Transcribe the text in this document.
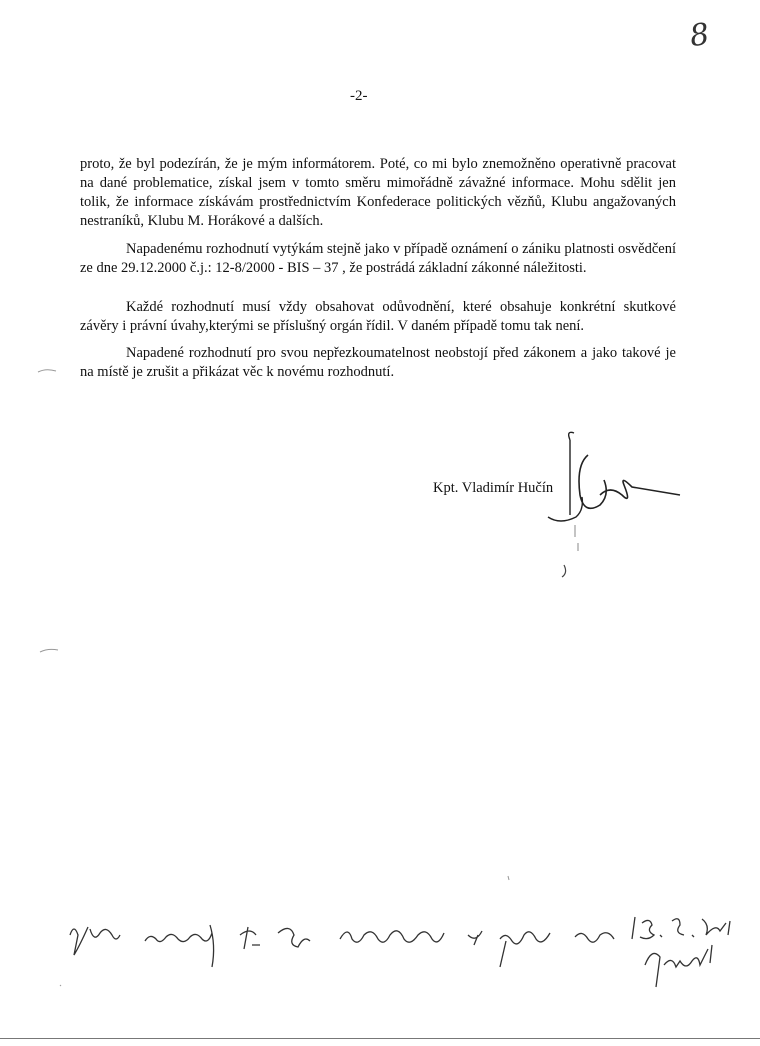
8
-2-

proto, že byl podezírán, že je mým informátorem. Poté, co mi bylo znemožněno operativně pracovat na dané problematice, získal jsem v tomto směru mimořádně závažné informace. Mohu sdělit jen tolik, že informace získávám prostřednictvím Konfederace politických vězňů, Klubu angažovaných nestraníků, Klubu M. Horákové a dalších.

Napadenému rozhodnutí vytýkám stejně jako v případě oznámení o zániku platnosti osvědčení ze dne 29.12.2000 č.j.: 12-8/2000 - BIS – 37 , že postrádá základní zákonné náležitosti.

Každé rozhodnutí musí vždy obsahovat odůvodnění, které obsahuje konkrétní skutkové závěry i právní úvahy,kterými se příslušný orgán řídil. V daném případě tomu tak není.

Napadené rozhodnutí pro svou nepřezkoumatelnost neobstojí před zákonem a jako takové je na místě je zrušit a přikázat věc k novému rozhodnutí.

Kpt. Vladimír Hučín
